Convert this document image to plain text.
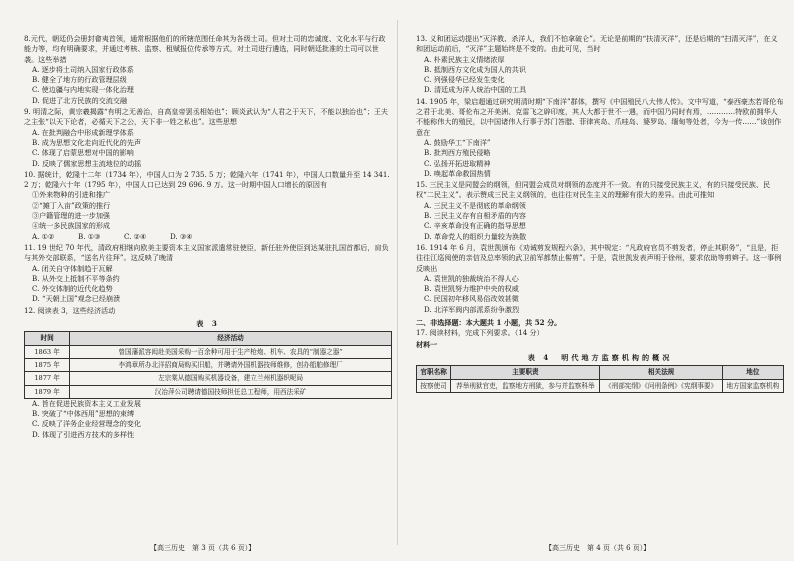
8.元代，朝廷仍会册封畲夷首领，通常根据他们的所辖范围任命其为各级土司。但对土司的忠诚度、文化水平与行政能力等，均有明确要求，并通过考核、监察、租赋报位传承等方式，对土司进行遴选，同时朝廷批准的土司可以世袭。这些举措
A. 逐步将土司纳入国家行政体系
B. 健全了地方的行政管理层级
C. 使边疆与内地实现一体化治理
D. 促进了北方民族的交流交融
9. 明清之际，黄宗羲揭露“有明之无善治，自高皇帝罢丞相始也”；顾炎武认为“人君之于天下，不能以独治也”；王夫之主张“以天下论者，必循天下之公，天下非一姓之私也”。这些思想
A. 在批判融合中形成新理学体系
B. 成为思想文化走向近代化的先声
C. 体现了启蒙思想对中国的影响
D. 反映了儒家思想主流地位的动摇
10. 据统计，乾隆十二年（1734 年），中国人口为 2 735. 5 万；乾隆六年（1741 年），中国人口数量升至 14 341. 2 万；乾隆六十年（1795 年），中国人口已达到 29 696. 9 万。这一时期中国人口增长的原因有
①外来物种的引进和推广
②“摊丁入亩”政策的推行
③户籍管理的进一步加强
④统一多民族国家的形成
A. ①②	B. ①③	C. ②④	D. ③④
11. 19 世纪 70 年代，清政府相继向欧美主要资本主义国家派遣常驻使臣，新任驻外使臣到达某驻扎国首都后，肩负与其外交部联系，“送名片往拜”。这反映了晚清
A. 闭关自守体制趋于瓦解
B. 从外交上抵制不平等条约
C. 外交体制的近代化趋势
D. “天朝上国”观念已经崩溃
12. 阅读表 3，这些经济活动
表 3
时间	经济活动
1863 年	曾国藩派容闳赴美国采购一百余种可用于生产枪炮、机车、农具的“制器之器”
1875 年	李鸿章所办北洋招商局购买旧船，并聘请外国机器技师维修，创办船舶修理厂
1877 年	左宗棠从德国购买机器设备，建立兰州机器织呢局
1879 年	汉冶萍公司聘请德国技师担任总工程师，用西法采矿
A. 旨在促进民族资本主义工业发展
B. 突破了“中体西用”思想的束缚
C. 反映了洋务企业经营理念的变化
D. 体现了引进西方技术的多样性
13. 义和团运动提出“灭洋教、杀洋人，我们不怕拿破仑”。无论是前期的“扶清灭洋”，还是后期的“扫清灭洋”，在义和团运动前后，“灭洋”主题始终是不变的。由此可见，当时
A. 朴素民族主义情绪浓厚
B. 抵制西方文化成为国人的共识
C. 列强侵华已经发生变化
D. 清廷成为洋人统治中国的工具
14. 1905 年，梁启超通过研究明清时期“下南洋”群体，撰写《中国殖民八大伟人传》。文中写道，“泰西豪杰若哥伦布之君于北美、哥伦布之开美洲、克雷飞之辟印度，其人大都于世不一遇，而中国乃同时有焉，…………特欧前拥华人不能称伟大的殖民，以中国诸伟人行事于苏门答腊、菲律宾岛、爪哇岛、婆罗岛、缅甸等处者，今为一传……”该创作意在
A. 鼓励华工“下南洋”
B. 批判西方殖民侵略
C. 弘扬开拓进取精神
D. 唤起革命救国热情
15. 三民主义是同盟会的纲领，但同盟会成员对纲领的态度并不一致。有的只接受民族主义，有的只接受民族、民权“二民主义”。表示赞成三民主义纲领的，也往往对民生主义的理解有很大的差异。由此可推知
A. 三民主义不是彻底的革命纲领
B. 三民主义存有自相矛盾的内容
C. 辛亥革命没有正确的指导思想
D. 革命党人的组织力量较为涣散
16. 1914 年 6 月，袁世凯颁布《劝诫剪发规程六条》，其中规定：“凡政府官员不剪发者，停止其职务”，“且是，拒往往江巡阅使的亲信及总率领的武卫前军都禁止髻剪”。于是，袁世凯发表声明于徐州，要求依助等剪辫子。这一事例反映出
A. 袁世凯的独裁统治不得人心
B. 袁世凯努力维护中央的权威
C. 民国初年移风易俗改效甚微
D. 北洋军阀内部派系纷争激烈
二、非选择题：本大题共 1 小题，共 52 分。
17. 阅读材料，完成下列要求。（14 分）
材料一
表 4　明代地方监察机构的概况
官职名称	主要职责	相关法规	地位
按察使司	荐举刑狱官吏，监察地方刑狱，参与并监察科举	《刑部宪纲》《问刑条例》《宪纲事要》	地方国家监察机构
【高三历史　第 3 页（共 6 页）】	【高三历史　第 4 页（共 6 页）】
